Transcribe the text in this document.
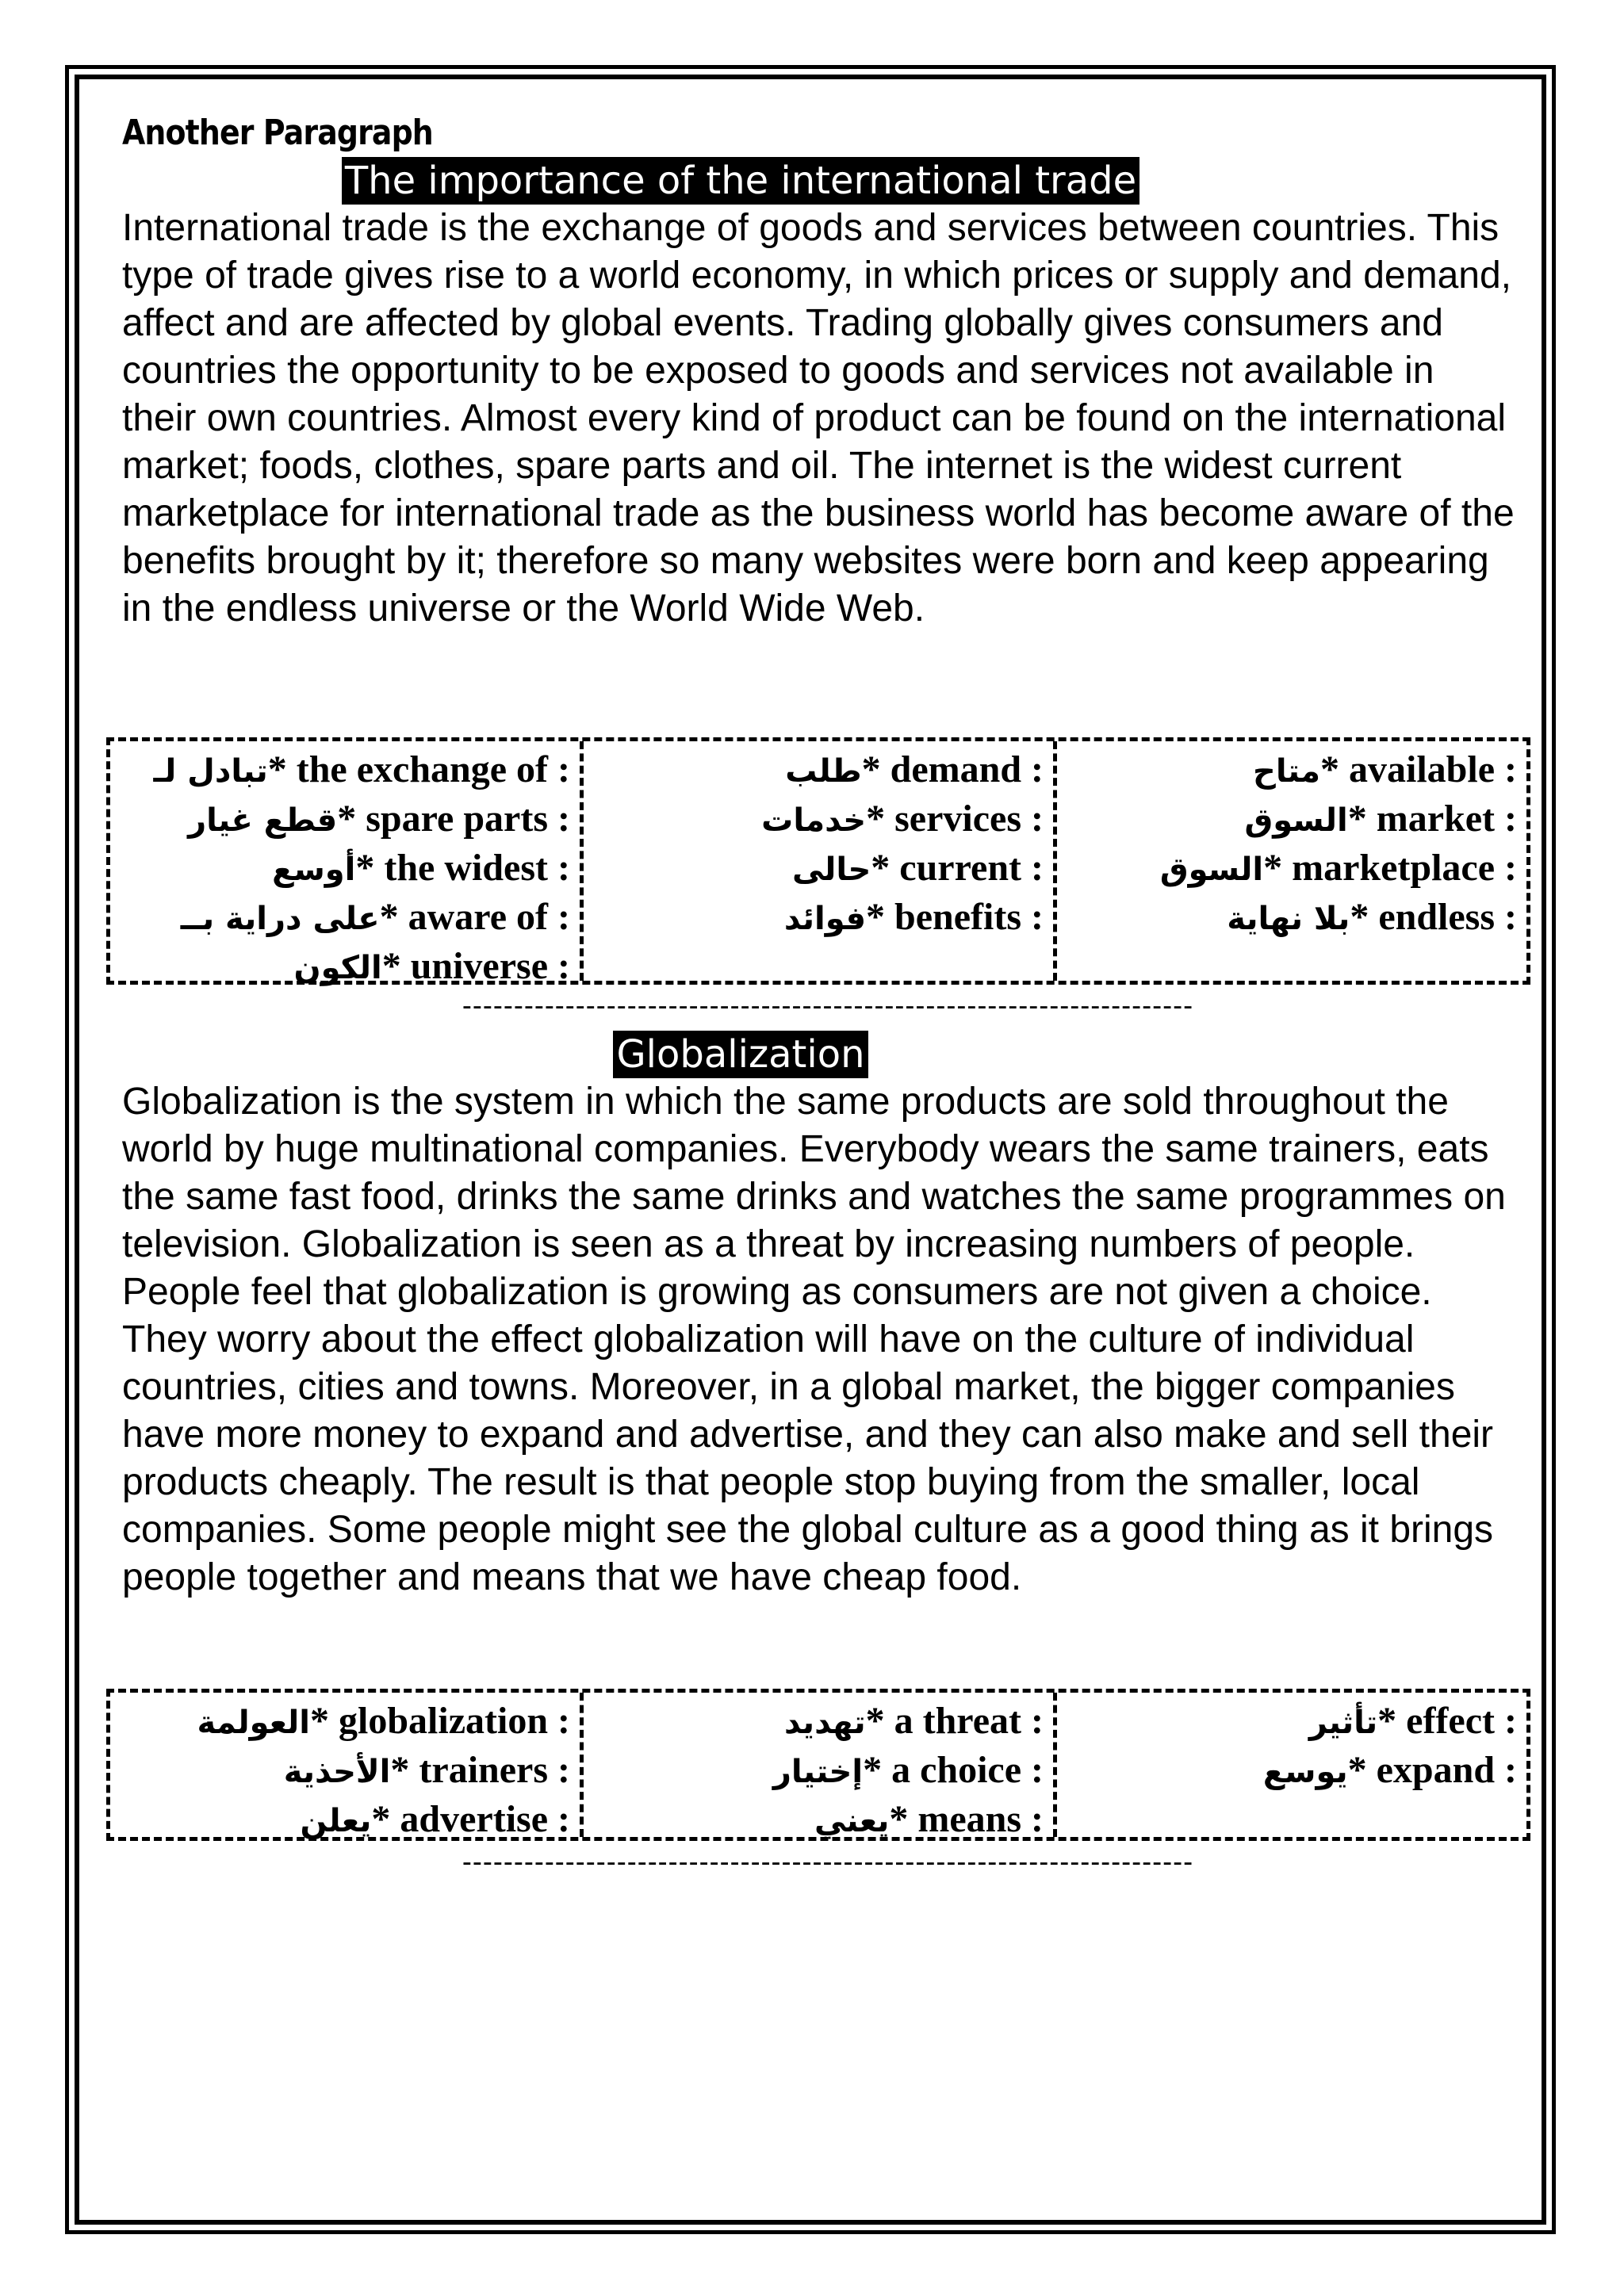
Another Paragraph
The importance of the international trade

International trade is the exchange of goods and services between countries. This type of trade gives rise to a world economy, in which prices or supply and demand, affect and are affected by global events. Trading globally gives consumers and countries the opportunity to be exposed to goods and services not available in their own countries. Almost every kind of product can be found on the international market; foods, clothes, spare parts and oil. The internet is the widest current marketplace for international trade as the business world has become aware of the benefits brought by it; therefore so many websites were born and keep appearing in the endless universe or the World Wide Web.

تبادل لـ* the exchange of :
قطع غيار* spare parts :
أوسع* the widest :
على دراية بــ* aware of :
الكون* universe :
طلب* demand :
خدمات* services :
حالى* current :
فوائد* benefits :
متاح* available :
السوق* market :
السوق* marketplace :
بلا نهاية* endless :
-----------------------------------------------------------------------
Globalization

Globalization is the system in which the same products are sold throughout the world by huge multinational companies. Everybody wears the same trainers, eats the same fast food, drinks the same drinks and watches the same programmes on television. Globalization is seen as a threat by increasing numbers of people. People feel that globalization is growing as consumers are not given a choice. They worry about the effect globalization will have on the culture of individual countries, cities and towns. Moreover, in a global market, the bigger companies have more money to expand and advertise, and they can also make and sell their products cheaply. The result is that people stop buying from the smaller, local companies. Some people might see the global culture as a good thing as it brings people together and means that we have cheap food.

العولمة* globalization :
الأحذية* trainers :
يعلن* advertise :
تهديد* a threat :
إختيار* a choice :
يعني* means :
تأثير* effect :
يوسع* expand :
-----------------------------------------------------------------------
